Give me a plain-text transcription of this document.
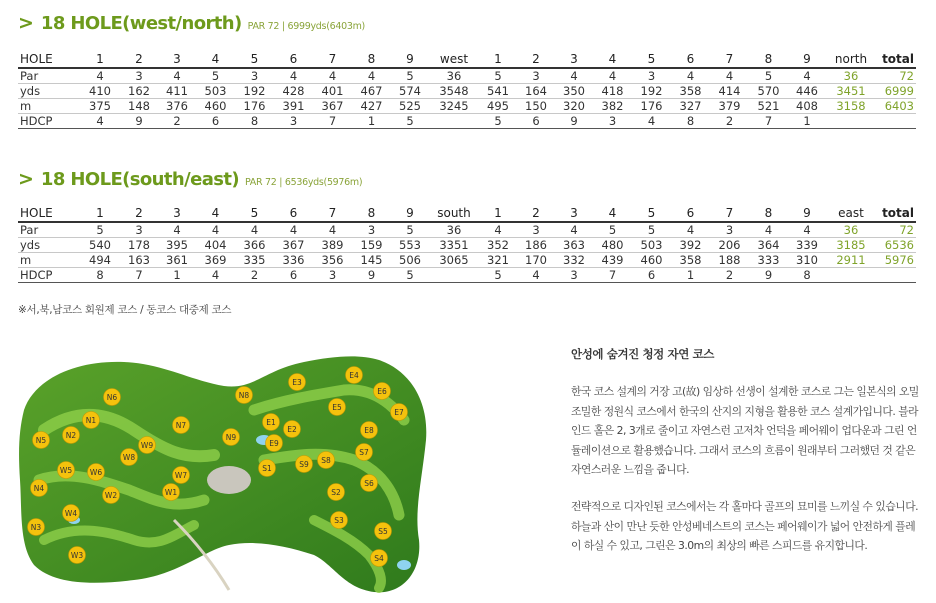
> 18 HOLE(west/north) PAR 72 | 6999yds(6403m)
HOLE	1	2	3	4	5	6	7	8	9	west	1	2	3	4	5	6	7	8	9	north	total
Par	4	3	4	5	3	4	4	4	5	36	5	3	4	4	3	4	4	5	4	36	72
yds	410	162	411	503	192	428	401	467	574	3548	541	164	350	418	192	358	414	570	446	3451	6999
m	375	148	376	460	176	391	367	427	525	3245	495	150	320	382	176	327	379	521	408	3158	6403
HDCP	4	9	2	6	8	3	7	1	5		5	6	9	3	4	8	2	7	1		
> 18 HOLE(south/east) PAR 72 | 6536yds(5976m)
HOLE	1	2	3	4	5	6	7	8	9	south	1	2	3	4	5	6	7	8	9	east	total
Par	5	3	4	4	4	4	4	3	5	36	4	3	4	5	5	4	3	4	4	36	72
yds	540	178	395	404	366	367	389	159	553	3351	352	186	363	480	503	392	206	364	339	3185	6536
m	494	163	361	369	335	336	356	145	506	3065	321	170	332	439	460	358	188	333	310	2911	5976
HDCP	8	7	1	4	2	6	3	9	5		5	4	3	7	6	1	2	9	8		
※서,북,남코스 회원제 코스 / 동코스 대중제 코스
N1
N2
N3
N4
N5
N6
N7
N8
N9
W1
W2
W3
W4
W5 W6	W7
W8
W9
E1
E2
E3
E4
E5
E6
E7
E8
E9
S1
S2
S3
S4
S5
S6
S7
S8
S9
안성에 숨겨진 청정 자연 코스

한국 코스 설계의 거장 고(故) 임상하 선생이 설계한 코스로 그는 일본식의 오밀조밀한 정원식 코스에서 한국의 산지의 지형을 활용한 코스 설계가입니다. 블라인드 홀은 2, 3개로 줄이고 자연스런 고저차 언덕을 페어웨이 업다운과 그린 언듈레이션으로 활용했습니다. 그래서 코스의 흐름이 원래부터 그러했던 것 같은 자연스러운 느낌을 줍니다.

전략적으로 디자인된 코스에서는 각 홀마다 골프의 묘미를 느끼실 수 있습니다. 하늘과 산이 만난 듯한 안성베네스트의 코스는 페어웨이가 넓어 안전하게 플레이 하실 수 있고, 그린은 3.0m의 최상의 빠른 스피드를 유지합니다.
